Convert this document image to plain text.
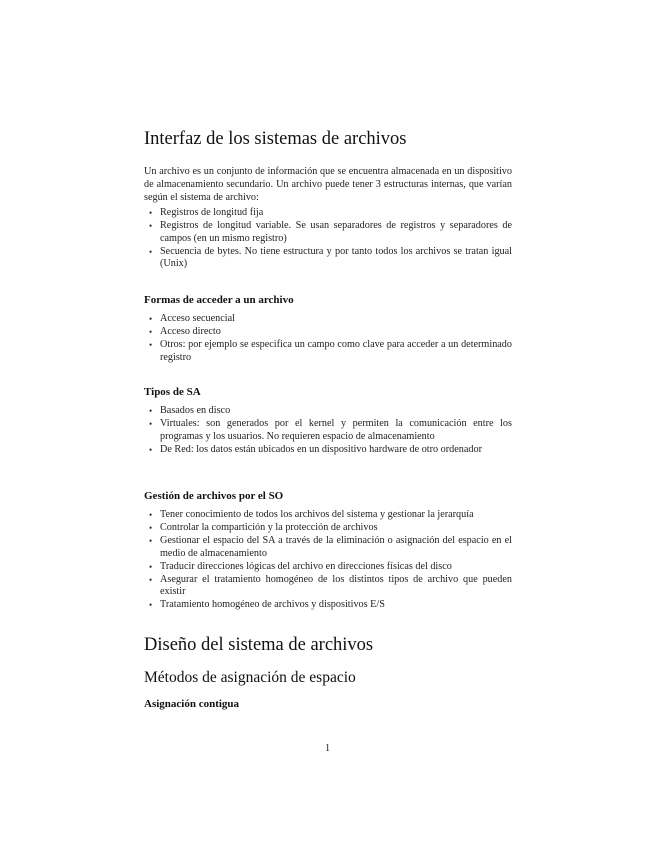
Interfaz de los sistemas de archivos

Un archivo es un conjunto de información que se encuentra almacenada en un dispositivo de almacenamiento secundario. Un archivo puede tener 3 estructuras internas, que varían según el sistema de archivo:

• Registros de longitud fija
• Registros de longitud variable. Se usan separadores de registros y separadores de campos (en un mismo registro)
• Secuencia de bytes. No tiene estructura y por tanto todos los archivos se tratan igual (Unix)
Formas de acceder a un archivo
• Acceso secuencial
• Acceso directo
• Otros: por ejemplo se especifica un campo como clave para acceder a un determinado registro
Tipos de SA
• Basados en disco
• Virtuales: son generados por el kernel y permiten la comunicación entre los programas y los usuarios. No requieren espacio de almacenamiento
• De Red: los datos están ubicados en un dispositivo hardware de otro ordenador
Gestión de archivos por el SO
• Tener conocimiento de todos los archivos del sistema y gestionar la jerarquía
• Controlar la compartición y la protección de archivos
• Gestionar el espacio del SA a través de la eliminación o asignación del espacio en el medio de almacenamiento
• Traducir direcciones lógicas del archivo en direcciones físicas del disco
• Asegurar el tratamiento homogéneo de los distintos tipos de archivo que pueden existir
• Tratamiento homogéneo de archivos y dispositivos E/S
Diseño del sistema de archivos
Métodos de asignación de espacio
Asignación contigua
1
